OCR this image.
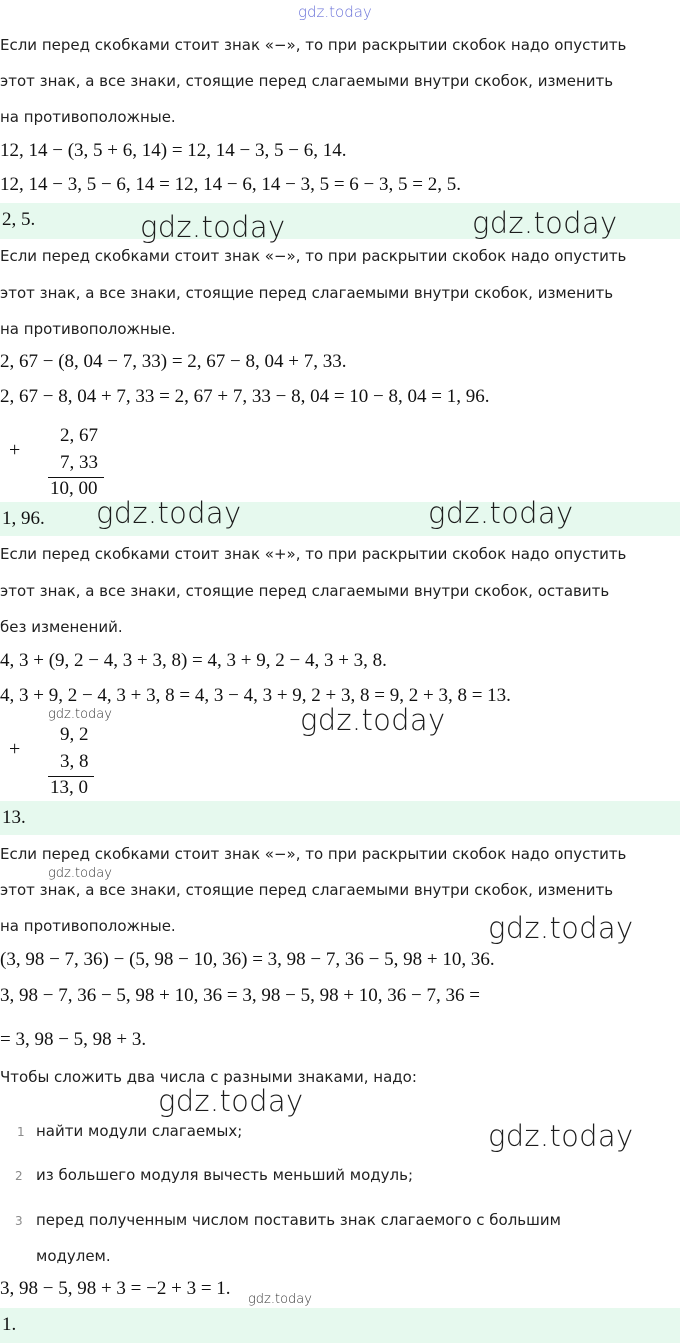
gdz.today
Если перед скобками стоит знак «−», то при раскрытии скобок надо опустить
этот знак, а все знаки, стоящие перед слагаемыми внутри скобок, изменить
на противоположные.
12, 14 − (3, 5 + 6, 14) = 12, 14 − 3, 5 − 6, 14.
12, 14 − 3, 5 − 6, 14 = 12, 14 − 6, 14 − 3, 5 = 6 − 3, 5 = 2, 5.
2, 5.	gdz.today	gdz.today
Если перед скобками стоит знак «−», то при раскрытии скобок надо опустить
этот знак, а все знаки, стоящие перед слагаемыми внутри скобок, изменить
на противоположные.
2, 67 − (8, 04 − 7, 33) = 2, 67 − 8, 04 + 7, 33.
2, 67 − 8, 04 + 7, 33 = 2, 67 + 7, 33 − 8, 04 = 10 − 8, 04 = 1, 96.
+
2, 67
7, 33
10, 00
1, 96. gdz.today	gdz.today
Если перед скобками стоит знак «+», то при раскрытии скобок надо опустить
этот знак, а все знаки, стоящие перед слагаемыми внутри скобок, оставить
без изменений.
4, 3 + (9, 2 − 4, 3 + 3, 8) = 4, 3 + 9, 2 − 4, 3 + 3, 8.
4, 3 + 9, 2 − 4, 3 + 3, 8 = 4, 3 − 4, 3 + 9, 2 + 3, 8 = 9, 2 + 3, 8 = 13.
gdz.today	gdz.today
+
9, 2
3, 8
13, 0
13.
Если перед скобками стоит знак «−», то при раскрытии скобок надо опустить
этот знак, а все знаки, стоящие перед слагаемыми внутри скобок, изменить
на противоположные.
gdz.today
gdz.today
(3, 98 − 7, 36) − (5, 98 − 10, 36) = 3, 98 − 7, 36 − 5, 98 + 10, 36.
3, 98 − 7, 36 − 5, 98 + 10, 36 = 3, 98 − 5, 98 + 10, 36 − 7, 36 =
= 3, 98 − 5, 98 + 3.
Чтобы сложить два числа с разными знаками, надо:
gdz.today
1 найти модули слагаемых;
2 из большего модуля вычесть меньший модуль;
3 перед полученным числом поставить знак слагаемого с большим
модулем.
gdz.today
3, 98 − 5, 98 + 3 = −2 + 3 = 1.
gdz.today
1.
